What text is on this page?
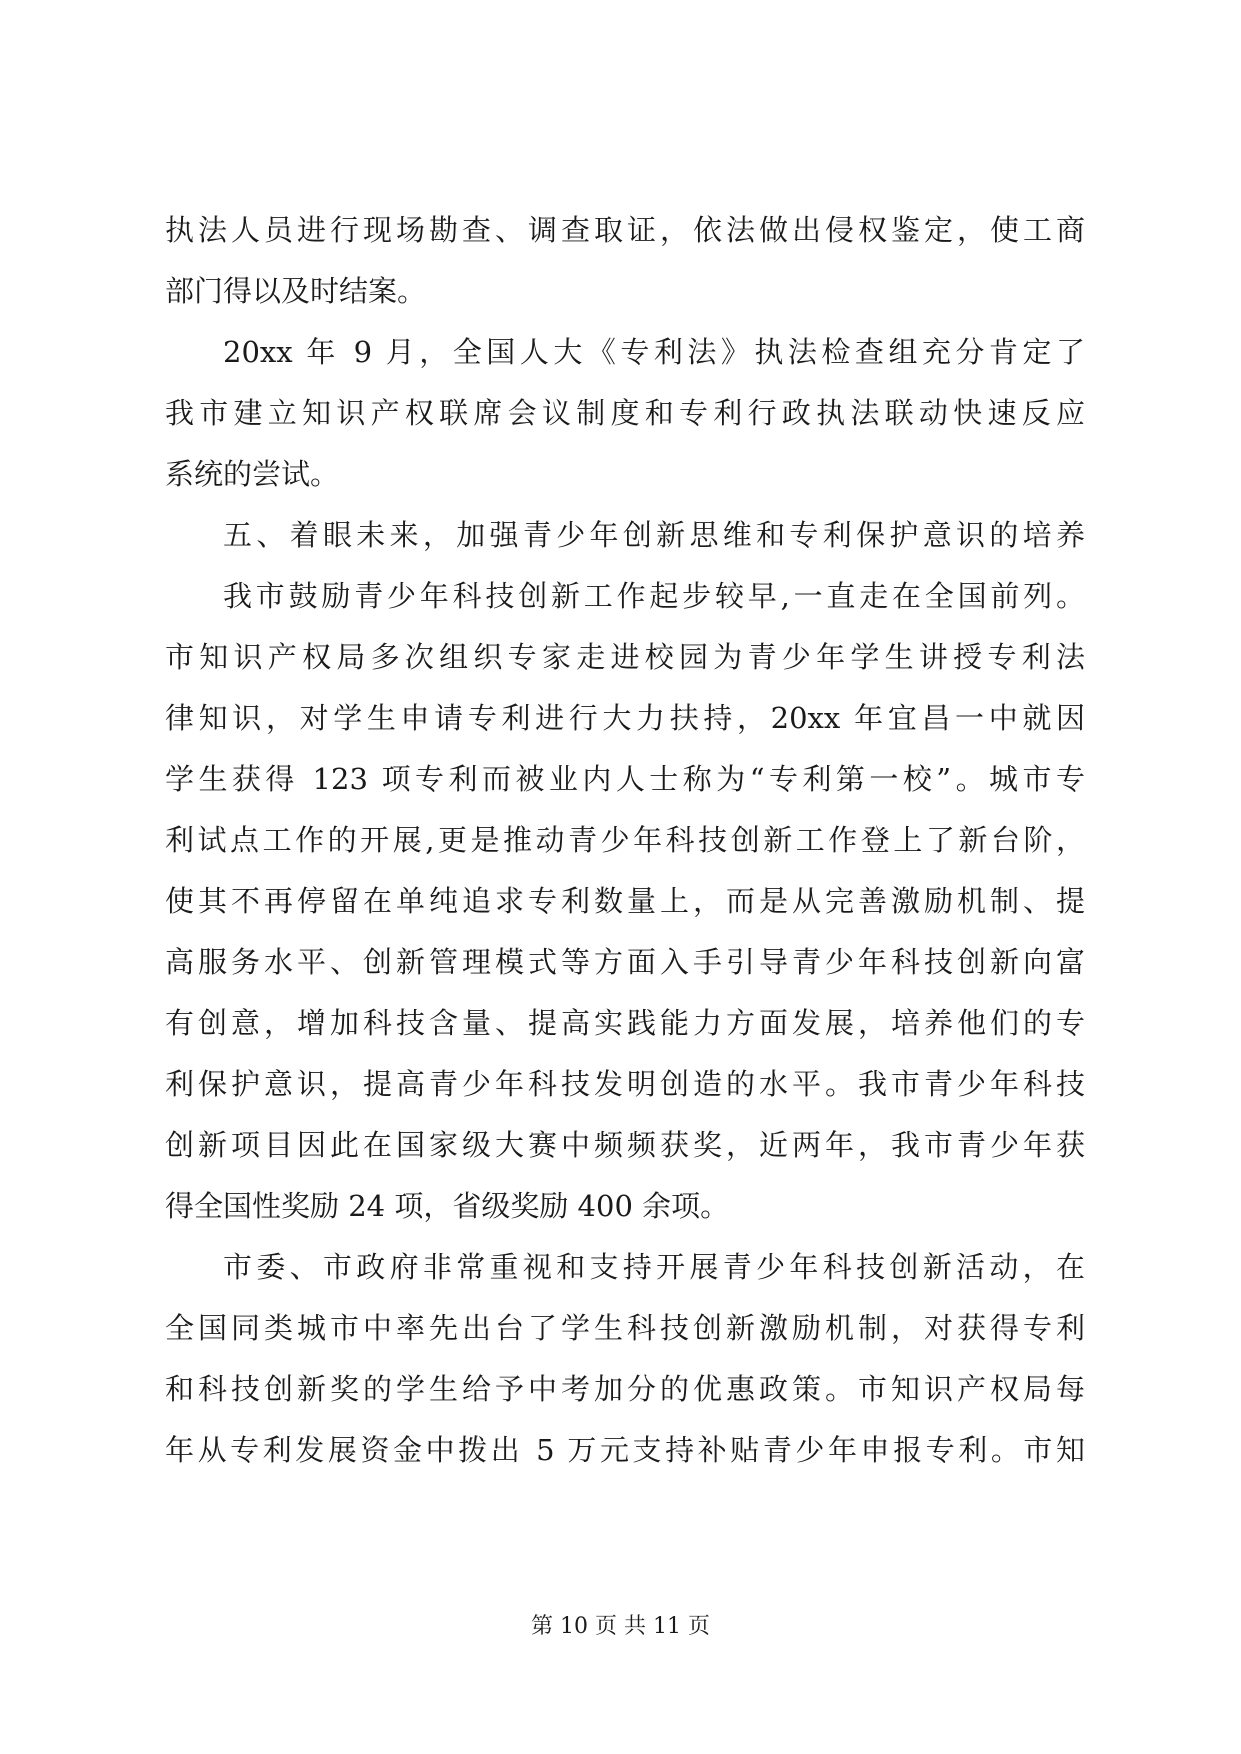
执法人员进行现场勘查、调查取证，依法做出侵权鉴定，使工商
部门得以及时结案。
20xx 年 9 月，全国人大《专利法》执法检查组充分肯定了
我市建立知识产权联席会议制度和专利行政执法联动快速反应
系统的尝试。
五、着眼未来，加强青少年创新思维和专利保护意识的培养
我市鼓励青少年科技创新工作起步较早,一直走在全国前列。
市知识产权局多次组织专家走进校园为青少年学生讲授专利法
律知识，对学生申请专利进行大力扶持，20xx 年宜昌一中就因
学生获得 123 项专利而被业内人士称为“专利第一校”。城市专
利试点工作的开展,更是推动青少年科技创新工作登上了新台阶，
使其不再停留在单纯追求专利数量上，而是从完善激励机制、提
高服务水平、创新管理模式等方面入手引导青少年科技创新向富
有创意，增加科技含量、提高实践能力方面发展，培养他们的专
利保护意识，提高青少年科技发明创造的水平。我市青少年科技
创新项目因此在国家级大赛中频频获奖，近两年，我市青少年获
得全国性奖励 24 项，省级奖励 400 余项。
市委、市政府非常重视和支持开展青少年科技创新活动，在
全国同类城市中率先出台了学生科技创新激励机制，对获得专利
和科技创新奖的学生给予中考加分的优惠政策。市知识产权局每
年从专利发展资金中拨出 5 万元支持补贴青少年申报专利。市知
第 10 页 共 11 页
